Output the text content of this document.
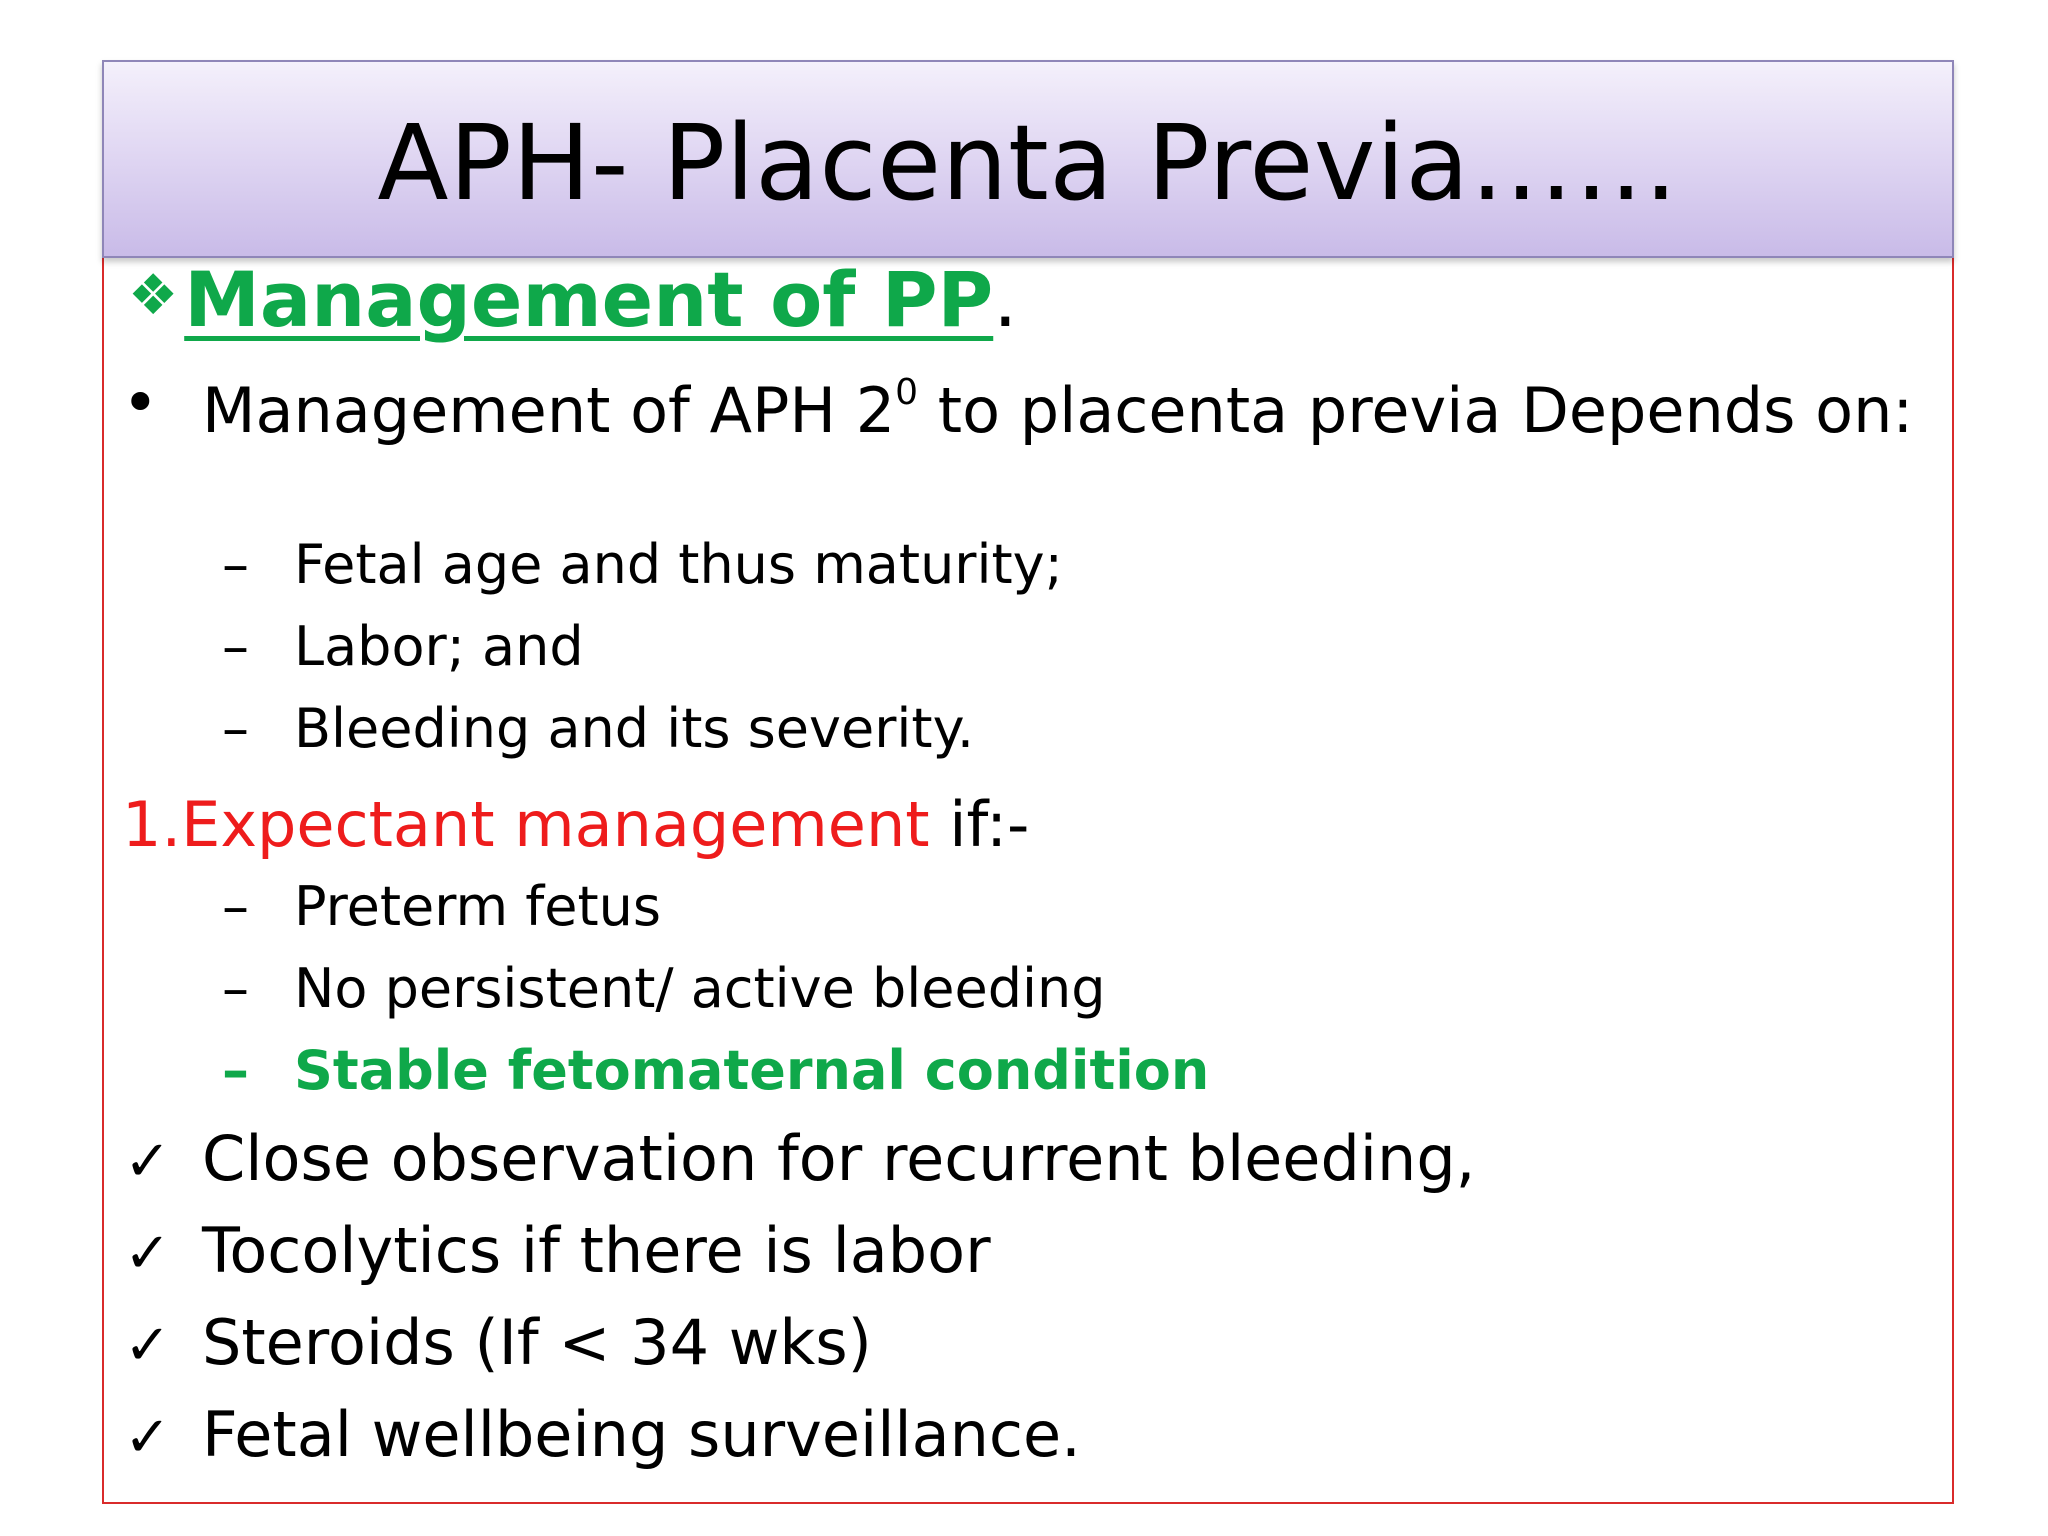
APH- Placenta Previa……
❖Management of PP.
• Management of APH $2^0$ to placenta previa Depends on:
– Fetal age and thus maturity;
– Labor; and
– Bleeding and its severity.
1.Expectant management if:-
– Preterm fetus
– No persistent/ active bleeding
– Stable fetomaternal condition
✓ Close observation for recurrent bleeding,
✓ Tocolytics if there is labor
✓ Steroids (If < 34 wks)
✓ Fetal wellbeing surveillance.
